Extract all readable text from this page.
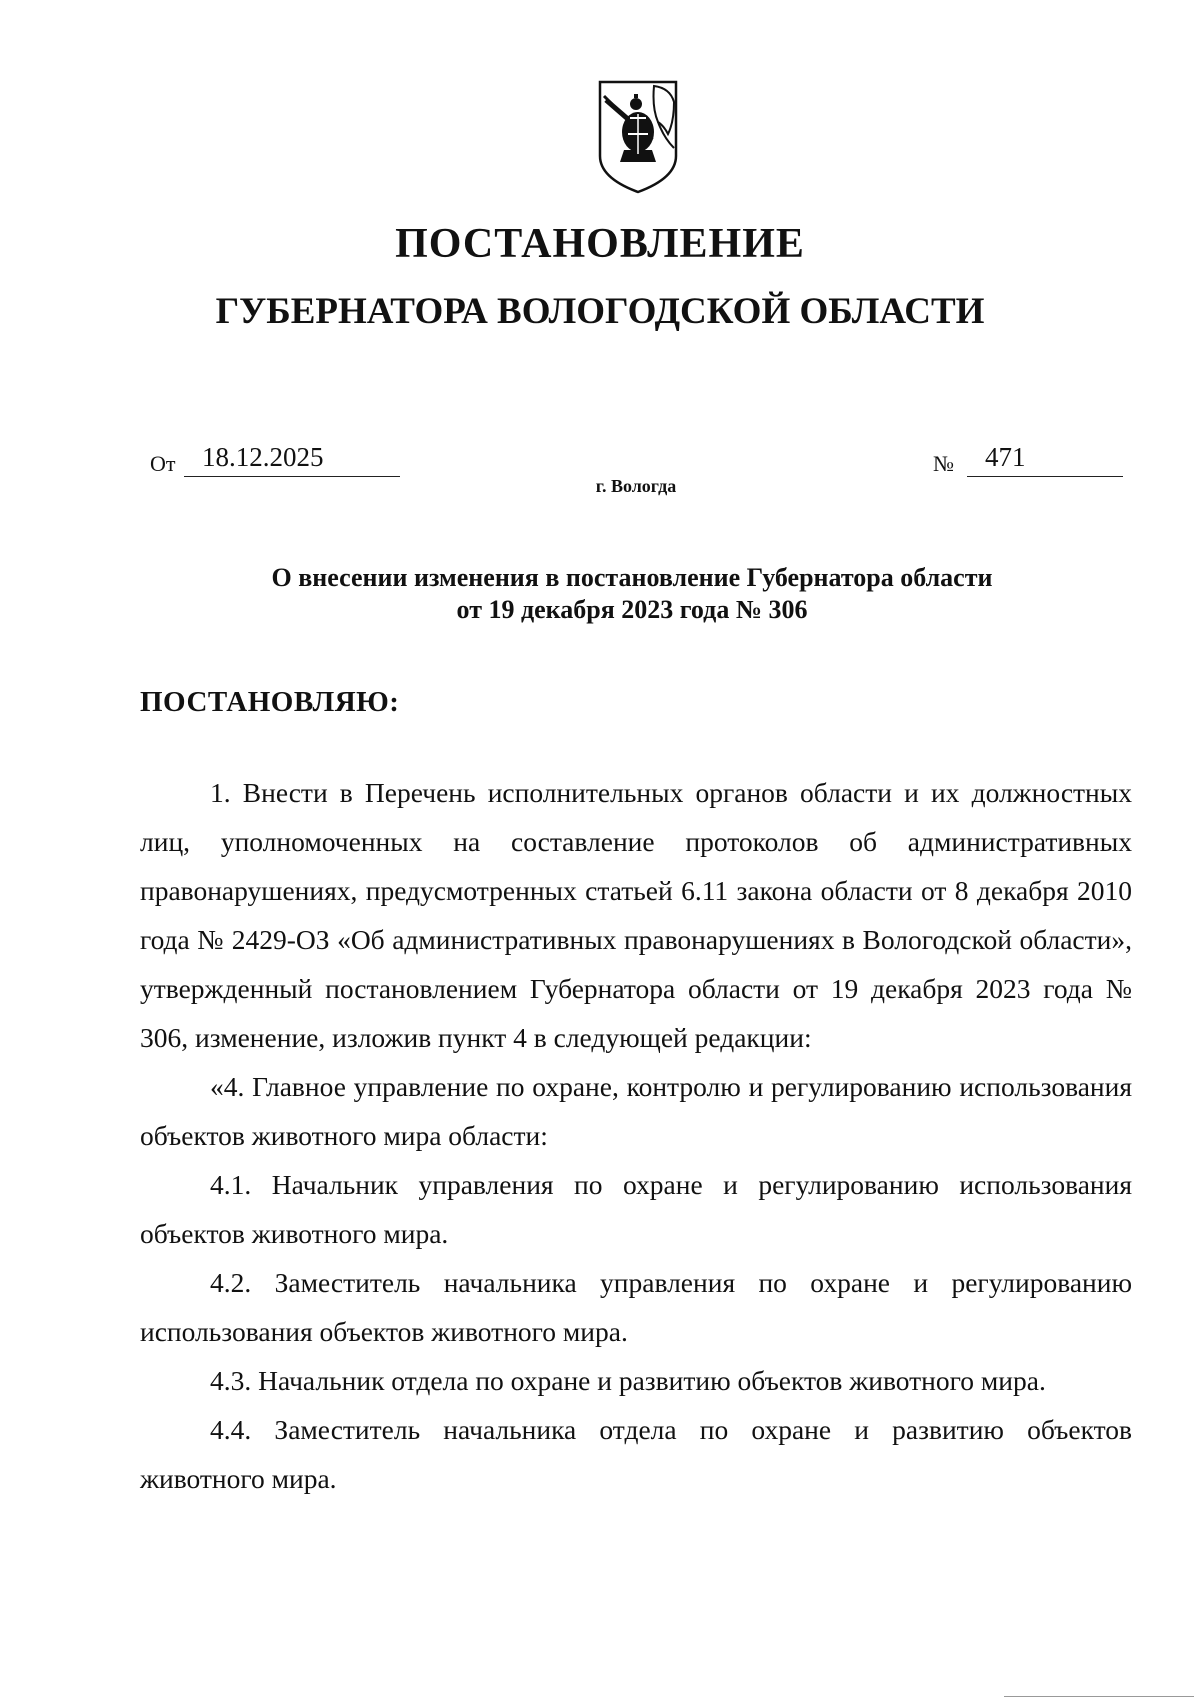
ПОСТАНОВЛЕНИЕ
ГУБЕРНАТОРА ВОЛОГОДСКОЙ ОБЛАСТИ
От 18.12.2025	№ 471
г. Вологда
О внесении изменения в постановление Губернатора области
от 19 декабря 2023 года № 306
ПОСТАНОВЛЯЮ:

1. Внести в Перечень исполнительных органов области и их должностных лиц, уполномоченных на составление протоколов об административных правонарушениях, предусмотренных статьей 6.11 закона области от 8 декабря 2010 года № 2429-ОЗ «Об административных правонарушениях в Вологодской области», утвержденный постановлением Губернатора области от 19 декабря 2023 года № 306, изменение, изложив пункт 4 в следующей редакции:

«4. Главное управление по охране, контролю и регулированию использования объектов животного мира области:

4.1. Начальник управления по охране и регулированию использования объектов животного мира.

4.2. Заместитель начальника управления по охране и регулированию использования объектов животного мира.

4.3. Начальник отдела по охране и развитию объектов животного мира.

4.4. Заместитель начальника отдела по охране и развитию объектов животного мира.
